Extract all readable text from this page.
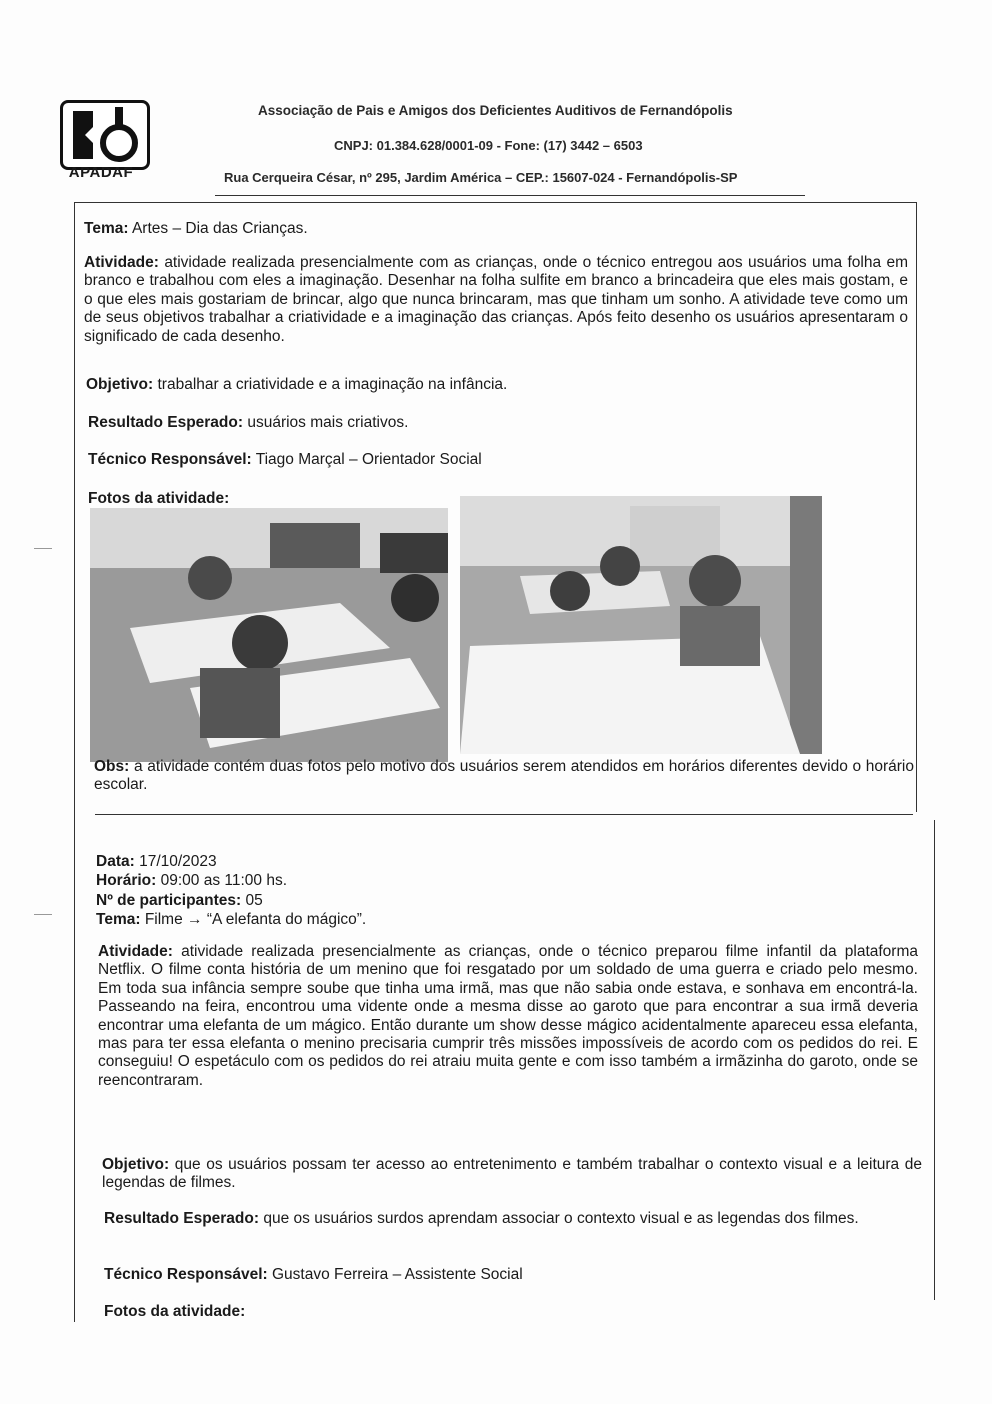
APADAF
Associação de Pais e Amigos dos Deficientes Auditivos de Fernandópolis
CNPJ: 01.384.628/0001-09 - Fone: (17) 3442 – 6503
Rua Cerqueira César, nº 295, Jardim América – CEP.: 15607-024 - Fernandópolis-SP
Tema: Artes – Dia das Crianças.
Atividade: atividade realizada presencialmente com as crianças, onde o técnico entregou aos usuários uma folha em branco e trabalhou com eles a imaginação. Desenhar na folha sulfite em branco a brincadeira que eles mais gostam, e o que eles mais gostariam de brincar, algo que nunca brincaram, mas que tinham um sonho. A atividade teve como um de seus objetivos trabalhar a criatividade e a imaginação das crianças. Após feito desenho os usuários apresentaram o significado de cada desenho.
Objetivo: trabalhar a criatividade e a imaginação na infância.
Resultado Esperado: usuários mais criativos.
Técnico Responsável: Tiago Marçal – Orientador Social
Fotos da atividade:
Obs: a atividade contém duas fotos pelo motivo dos usuários serem atendidos em horários diferentes devido o horário escolar.
Data: 17/10/2023
Horário: 09:00 as 11:00 hs.
Nº de participantes: 05
Tema: Filme → “A elefanta do mágico”.
Atividade: atividade realizada presencialmente as crianças, onde o técnico preparou filme infantil da plataforma Netflix. O filme conta história de um menino que foi resgatado por um soldado de uma guerra e criado pelo mesmo. Em toda sua infância sempre soube que tinha uma irmã, mas que não sabia onde estava, e sonhava em encontrá-la. Passeando na feira, encontrou uma vidente onde a mesma disse ao garoto que para encontrar a sua irmã deveria encontrar uma elefanta de um mágico. Então durante um show desse mágico acidentalmente apareceu essa elefanta, mas para ter essa elefanta o menino precisaria cumprir três missões impossíveis de acordo com os pedidos do rei. E conseguiu! O espetáculo com os pedidos do rei atraiu muita gente e com isso também a irmãzinha do garoto, onde se reencontraram.
Objetivo: que os usuários possam ter acesso ao entretenimento e também trabalhar o contexto visual e a leitura de legendas de filmes.
Resultado Esperado: que os usuários surdos aprendam associar o contexto visual e as legendas dos filmes.
Técnico Responsável: Gustavo Ferreira – Assistente Social
Fotos da atividade:
